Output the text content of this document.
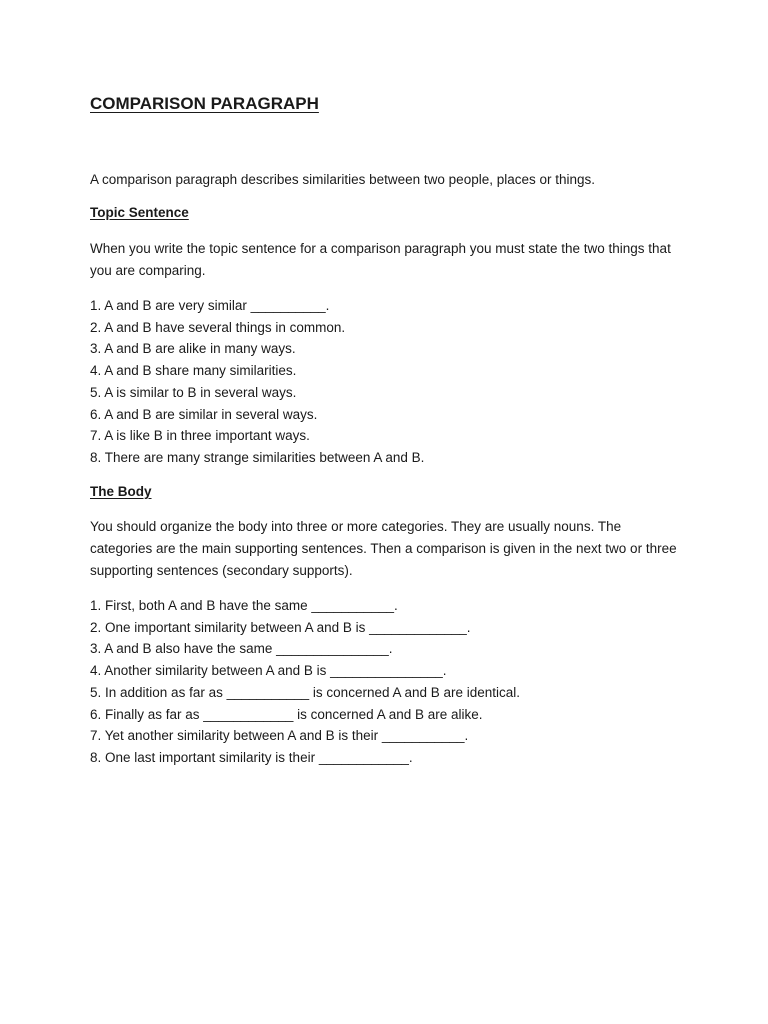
COMPARISON PARAGRAPH

A comparison paragraph describes similarities between two people, places or things.

Topic Sentence

When you write the topic sentence for a comparison paragraph you must state the two things that you are comparing.

1. A and B are very similar __________.
2. A and B have several things in common.
3. A and B are alike in many ways.
4. A and B share many similarities.
5. A is similar to B in several ways.
6. A and B are similar in several ways.
7. A is like B in three important ways.
8. There are many strange similarities between A and B.
The Body

You should organize the body into three or more categories. They are usually nouns. The categories are the main supporting sentences. Then a comparison is given in the next two or three supporting sentences (secondary supports).

1. First, both A and B have the same ___________.
2. One important similarity between A and B is _____________.
3. A and B also have the same _______________.
4. Another similarity between A and B is _______________.
5. In addition as far as ___________ is concerned A and B are identical.
6. Finally as far as ____________ is concerned A and B are alike.
7. Yet another similarity between A and B is their ___________.
8. One last important similarity is their ____________.
